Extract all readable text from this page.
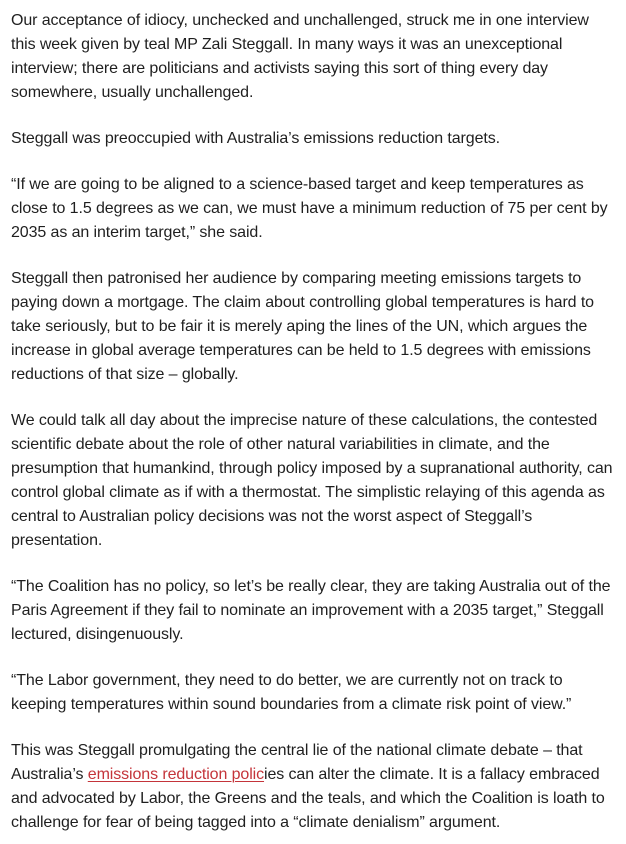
Our acceptance of idiocy, unchecked and unchallenged, struck me in one interview this week given by teal MP Zali Steggall. In many ways it was an unexceptional interview; there are politicians and activists saying this sort of thing every day somewhere, usually unchallenged.

Steggall was preoccupied with Australia’s emissions reduction targets.

“If we are going to be aligned to a science-based target and keep temperatures as close to 1.5 degrees as we can, we must have a minimum reduction of 75 per cent by 2035 as an interim target,” she said.

Steggall then patronised her audience by comparing meeting emissions targets to paying down a mortgage. The claim about controlling global temperatures is hard to take seriously, but to be fair it is merely aping the lines of the UN, which argues the increase in global average temperatures can be held to 1.5 degrees with emissions reductions of that size – globally.

We could talk all day about the imprecise nature of these calculations, the contested scientific debate about the role of other natural variabilities in climate, and the presumption that humankind, through policy imposed by a supranational authority, can control global climate as if with a thermostat. The simplistic relaying of this agenda as central to Australian policy decisions was not the worst aspect of Steggall’s presentation.

“The Coalition has no policy, so let’s be really clear, they are taking Australia out of the Paris Agreement if they fail to nominate an improvement with a 2035 target,” Steggall lectured, disingenuously.

“The Labor government, they need to do better, we are currently not on track to keeping temperatures within sound boundaries from a climate risk point of view.”

This was Steggall promulgating the central lie of the national climate debate – that Australia’s emissions reduction policies can alter the climate. It is a fallacy embraced and advocated by Labor, the Greens and the teals, and which the Coalition is loath to challenge for fear of being tagged into a “climate denialism” argument.
